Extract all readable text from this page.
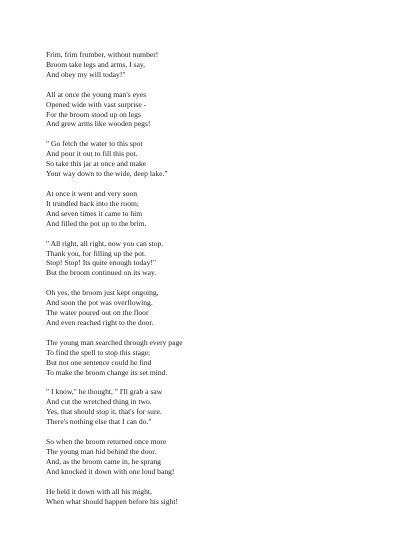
Frim, frim frumber, without number!
Broom take legs and arms, I say,
And obey my will today!"
All at once the young man's eyes
Opened wide with vast surprise -
For the broom stood up on legs
And grew arms like wooden pegs!
" Go fetch the water to this spot
And pour it out to fill this pot.
So take this jar at once and make
Your way down to the wide, deep lake."
At once it went and very soon
It trundled back into the room;
And seven times it came to him
And filled the pot up to the brim.
" All right, all right, now you can stop.
Thank you, for filling up the pot.
Stop! Stop! Its quite enough today!"
But the broom continued on its way.
Oh yes, the broom just kept ongoing,
And soon the pot was overflowing.
The water poured out on the floor
And even reached right to the door.
The young man searched through every page
To find the spell to stop this stage;
But not one sentence could he find
To make the broom change its set mind.
" I know," he thought, " I'll grab a saw
And cut the wretched thing in two.
Yes, that should stop it, that's for sure.
There's nothing else that I can do."
So when the broom returned once more
The young man hid behind the door.
And, as the broom came in, he sprang
And knocked it down with one loud bang!
He held it down with all his might,
When what should happen before his sight!
